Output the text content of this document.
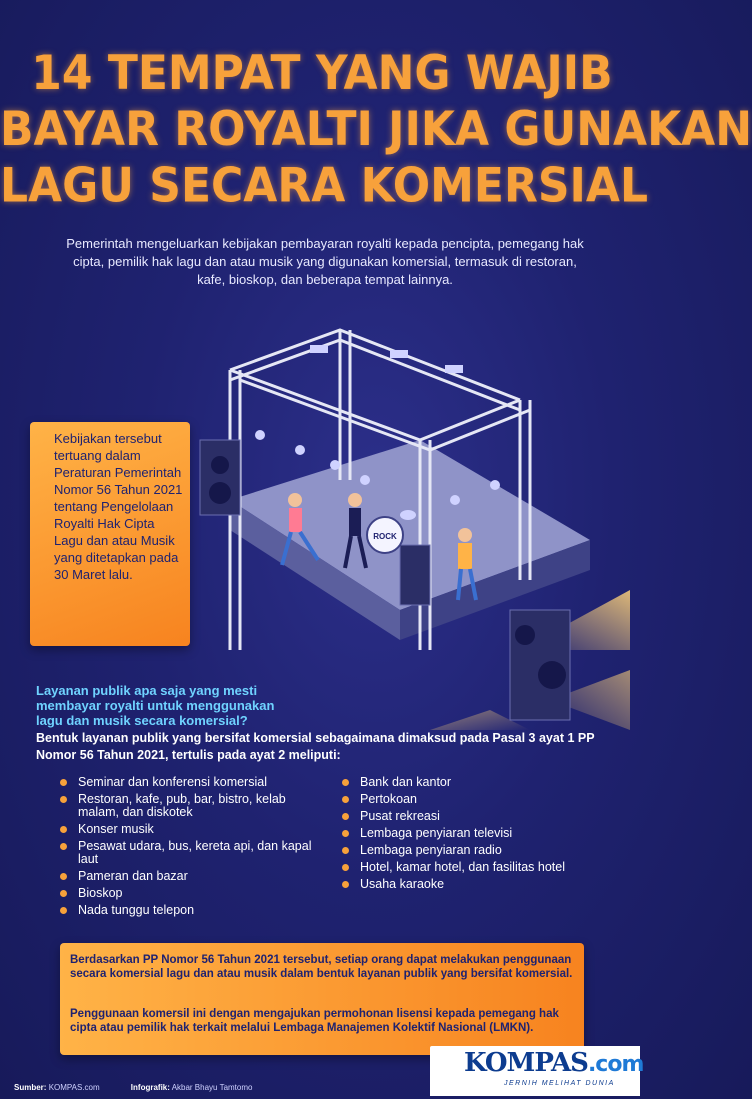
14 TEMPAT YANG WAJIB
BAYAR ROYALTI JIKA GUNAKAN
LAGU SECARA KOMERSIAL
Pemerintah mengeluarkan kebijakan pembayaran royalti kepada pencipta, pemegang hak cipta, pemilik hak lagu dan atau musik yang digunakan komersial, termasuk di restoran, kafe, bioskop, dan beberapa tempat lainnya.
ROCK
Kebijakan tersebut tertuang dalam Peraturan Pemerintah Nomor 56 Tahun 2021 tentang Pengelolaan Royalti Hak Cipta Lagu dan atau Musik yang ditetapkan pada 30 Maret lalu.
Layanan publik apa saja yang mesti
membayar royalti untuk menggunakan
lagu dan musik secara komersial?
Bentuk layanan publik yang bersifat komersial sebagaimana dimaksud pada Pasal 3 ayat 1 PP Nomor 56 Tahun 2021, tertulis pada ayat 2 meliputi:
Seminar dan konferensi komersial
Restoran, kafe, pub, bar, bistro, kelab malam, dan diskotek
Konser musik
Pesawat udara, bus, kereta api, dan kapal laut
Pameran dan bazar
Bioskop
Nada tunggu telepon
Bank dan kantor
Pertokoan
Pusat rekreasi
Lembaga penyiaran televisi
Lembaga penyiaran radio
Hotel, kamar hotel, dan fasilitas hotel
Usaha karaoke
Berdasarkan PP Nomor 56 Tahun 2021 tersebut, setiap orang dapat melakukan penggunaan secara komersial lagu dan atau musik dalam bentuk layanan publik yang bersifat komersial.
Penggunaan komersil ini dengan mengajukan permohonan lisensi kepada pemegang hak cipta atau pemilik hak terkait melalui Lembaga Manajemen Kolektif Nasional (LMKN).
Sumber: KOMPAS.com	Infografik: Akbar Bhayu Tamtomo
KOMPAS.com
JERNIH MELIHAT DUNIA
